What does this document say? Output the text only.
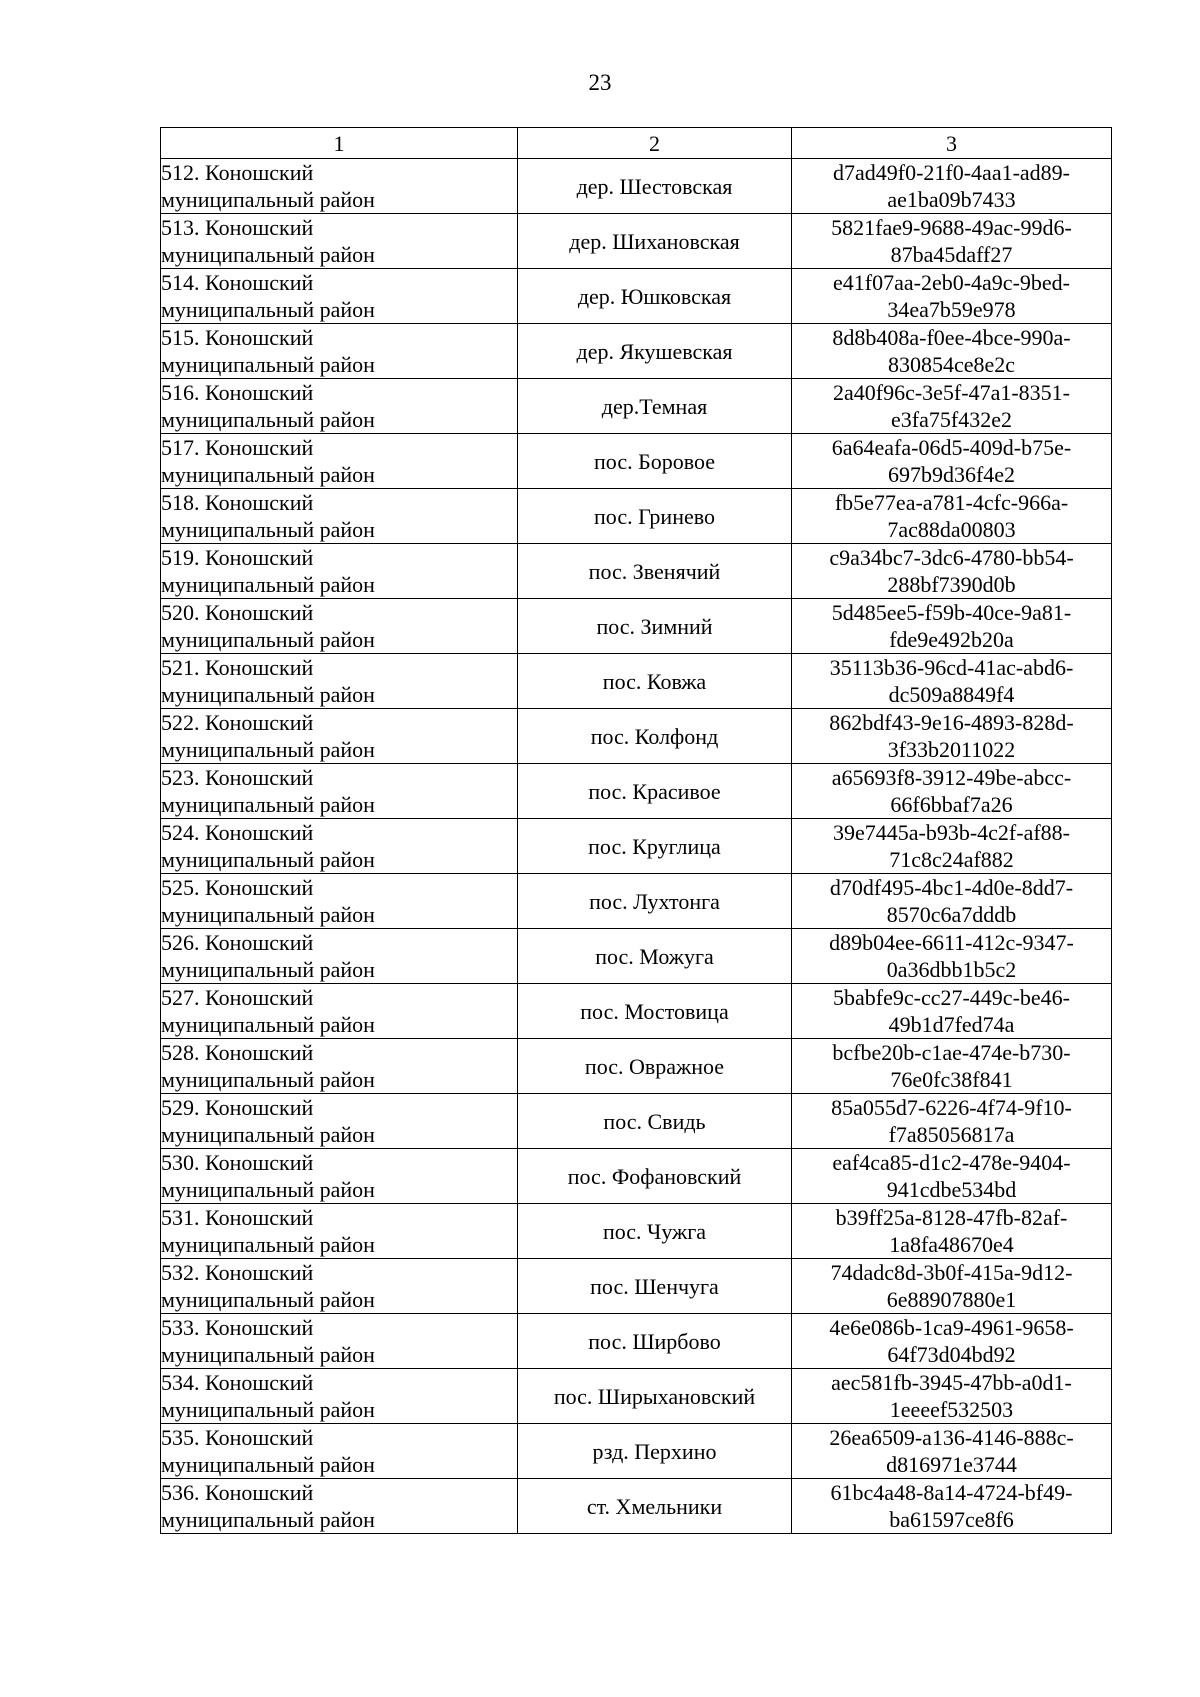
23
1	2	3

512. Коношский
муниципальный район	дер. Шестовская	d7ad49f0-21f0-4aa1-ad89-
ae1ba09b7433

513. Коношский
муниципальный район	дер. Шихановская	5821fae9-9688-49ac-99d6-
87ba45daff27

514. Коношский
муниципальный район	дер. Юшковская	e41f07aa-2eb0-4a9c-9bed-
34ea7b59e978

515. Коношский
муниципальный район	дер. Якушевская	8d8b408a-f0ee-4bce-990a-
830854ce8e2c

516. Коношский
муниципальный район	дер.Темная	2a40f96c-3e5f-47a1-8351-
e3fa75f432e2

517. Коношский
муниципальный район	пос. Боровое	6a64eafa-06d5-409d-b75e-
697b9d36f4e2

518. Коношский
муниципальный район	пос. Гринево	fb5e77ea-a781-4cfc-966a-
7ac88da00803

519. Коношский
муниципальный район	пос. Звенячий	c9a34bc7-3dc6-4780-bb54-
288bf7390d0b

520. Коношский
муниципальный район	пос. Зимний	5d485ee5-f59b-40ce-9a81-
fde9e492b20a

521. Коношский
муниципальный район	пос. Ковжа	35113b36-96cd-41ac-abd6-
dc509a8849f4

522. Коношский
муниципальный район	пос. Колфонд	862bdf43-9e16-4893-828d-
3f33b2011022

523. Коношский
муниципальный район	пос. Красивое	a65693f8-3912-49be-abcc-
66f6bbaf7a26

524. Коношский
муниципальный район	пос. Круглица	39e7445a-b93b-4c2f-af88-
71c8c24af882

525. Коношский
муниципальный район	пос. Лухтонга	d70df495-4bc1-4d0e-8dd7-
8570c6a7dddb

526. Коношский
муниципальный район	пос. Можуга	d89b04ee-6611-412c-9347-
0a36dbb1b5c2

527. Коношский
муниципальный район	пос. Мостовица	5babfe9c-cc27-449c-be46-
49b1d7fed74a

528. Коношский
муниципальный район	пос. Овражное	bcfbe20b-c1ae-474e-b730-
76e0fc38f841

529. Коношский
муниципальный район	пос. Свидь	85a055d7-6226-4f74-9f10-
f7a85056817a

530. Коношский
муниципальный район	пос. Фофановский	eaf4ca85-d1c2-478e-9404-
941cdbe534bd

531. Коношский
муниципальный район	пос. Чужга	b39ff25a-8128-47fb-82af-
1a8fa48670e4

532. Коношский
муниципальный район	пос. Шенчуга	74dadc8d-3b0f-415a-9d12-
6e88907880e1

533. Коношский
муниципальный район	пос. Ширбово	4e6e086b-1ca9-4961-9658-
64f73d04bd92

534. Коношский
муниципальный район	пос. Ширыхановский	aec581fb-3945-47bb-a0d1-
1eeeef532503

535. Коношский
муниципальный район	рзд. Перхино	26ea6509-a136-4146-888c-
d816971e3744

536. Коношский
муниципальный район	ст. Хмельники	61bc4a48-8a14-4724-bf49-
ba61597ce8f6
